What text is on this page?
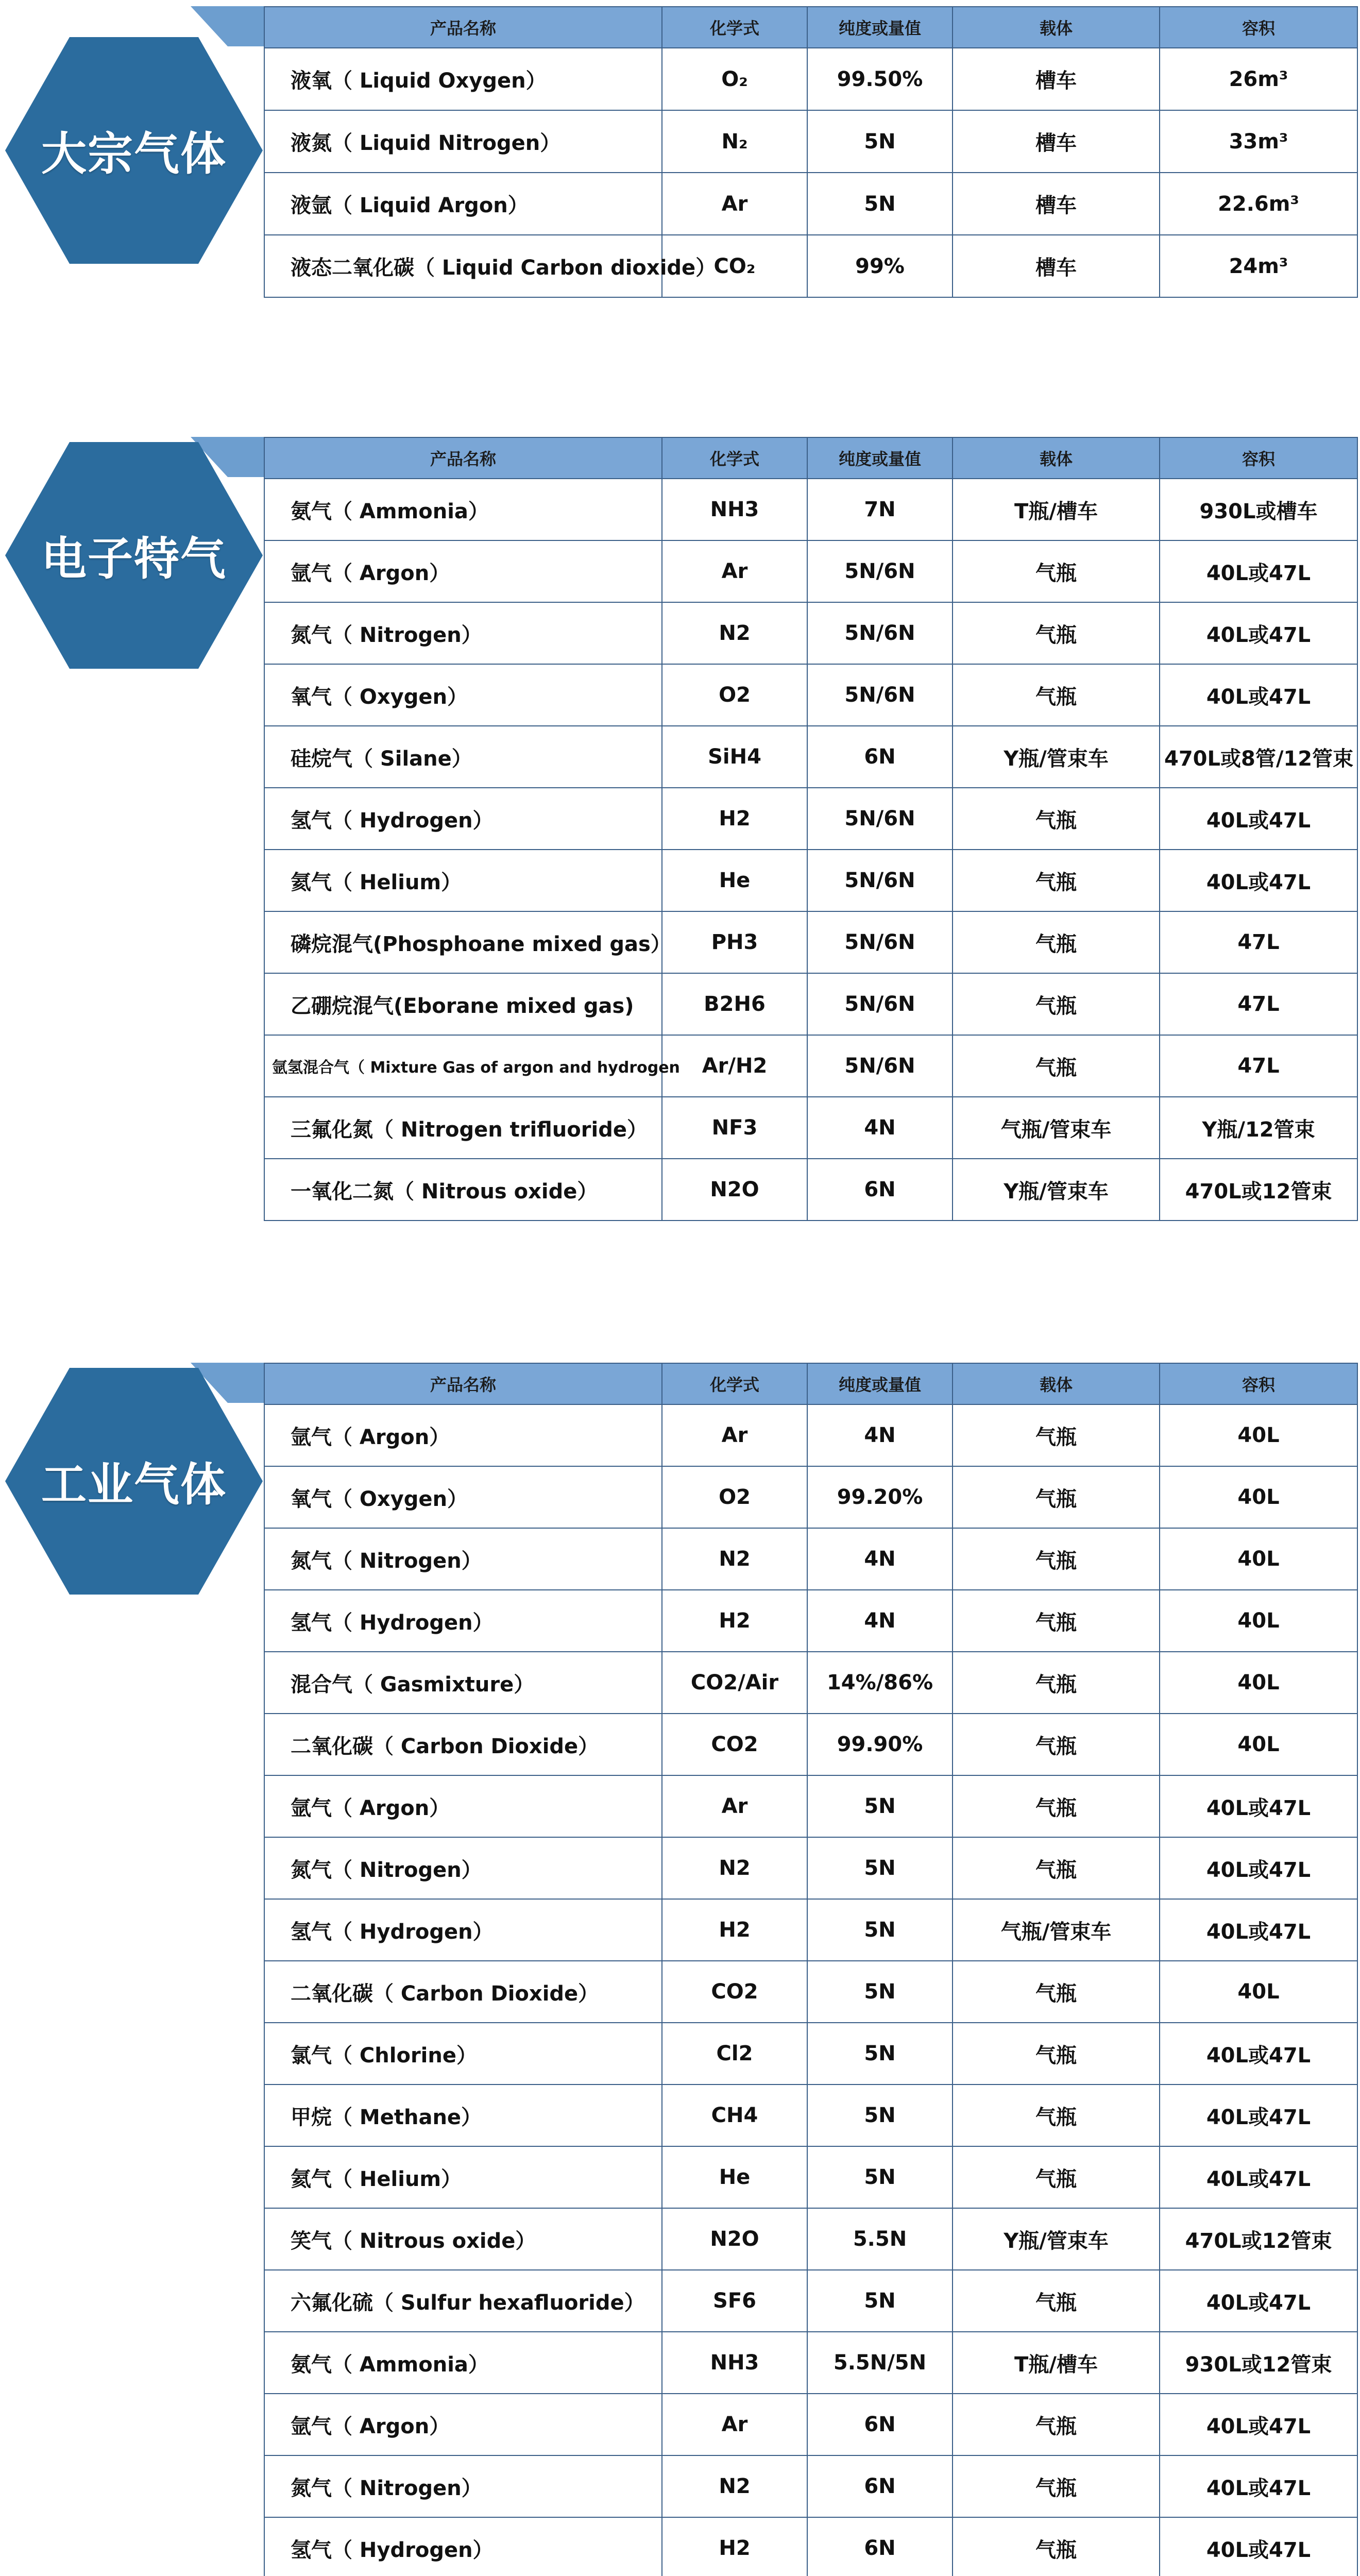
大宗气体
产品名称	化学式	纯度或量值	载体	容积
液氧（ Liquid Oxygen）	O₂	99.50%	槽车	26m³
液氮（ Liquid Nitrogen）	N₂	5N	槽车	33m³
液氩（ Liquid Argon）	Ar	5N	槽车	22.6m³
液态二氧化碳（ Liquid Carbon dioxide）	CO₂	99%	槽车	24m³
电子特气
产品名称	化学式	纯度或量值	载体	容积
氨气（ Ammonia）	NH3	7N	T瓶/槽车	930L或槽车
氩气（ Argon）	Ar	5N/6N	气瓶	40L或47L
氮气（ Nitrogen）	N2	5N/6N	气瓶	40L或47L
氧气（ Oxygen）	O2	5N/6N	气瓶	40L或47L
硅烷气（ Silane）	SiH4	6N	Y瓶/管束车	470L或8管/12管束
氢气（ Hydrogen）	H2	5N/6N	气瓶	40L或47L
氦气（ Helium）	He	5N/6N	气瓶	40L或47L
磷烷混气(Phosphoane mixed gas）	PH3	5N/6N	气瓶	47L
乙硼烷混气(Eborane mixed gas)	B2H6	5N/6N	气瓶	47L
氩氢混合气（ Mixture Gas of argon and hydrogen	Ar/H2	5N/6N	气瓶	47L
三氟化氮（ Nitrogen trifluoride）	NF3	4N	气瓶/管束车	Y瓶/12管束
一氧化二氮（ Nitrous oxide）	N2O	6N	Y瓶/管束车	470L或12管束
工业气体
产品名称	化学式	纯度或量值	载体	容积
氩气（ Argon）	Ar	4N	气瓶	40L
氧气（ Oxygen）	O2	99.20%	气瓶	40L
氮气（ Nitrogen）	N2	4N	气瓶	40L
氢气（ Hydrogen）	H2	4N	气瓶	40L
混合气（ Gasmixture）	CO2/Air	14%/86%	气瓶	40L
二氧化碳（ Carbon Dioxide）	CO2	99.90%	气瓶	40L
氩气（ Argon）	Ar	5N	气瓶	40L或47L
氮气（ Nitrogen）	N2	5N	气瓶	40L或47L
氢气（ Hydrogen）	H2	5N	气瓶/管束车	40L或47L
二氧化碳（ Carbon Dioxide）	CO2	5N	气瓶	40L
氯气（ Chlorine）	Cl2	5N	气瓶	40L或47L
甲烷（ Methane）	CH4	5N	气瓶	40L或47L
氦气（ Helium）	He	5N	气瓶	40L或47L
笑气（ Nitrous oxide）	N2O	5.5N	Y瓶/管束车	470L或12管束
六氟化硫（ Sulfur hexafluoride）	SF6	5N	气瓶	40L或47L
氨气（ Ammonia）	NH3	5.5N/5N	T瓶/槽车	930L或12管束
氩气（ Argon）	Ar	6N	气瓶	40L或47L
氮气（ Nitrogen）	N2	6N	气瓶	40L或47L
氢气（ Hydrogen）	H2	6N	气瓶	40L或47L
